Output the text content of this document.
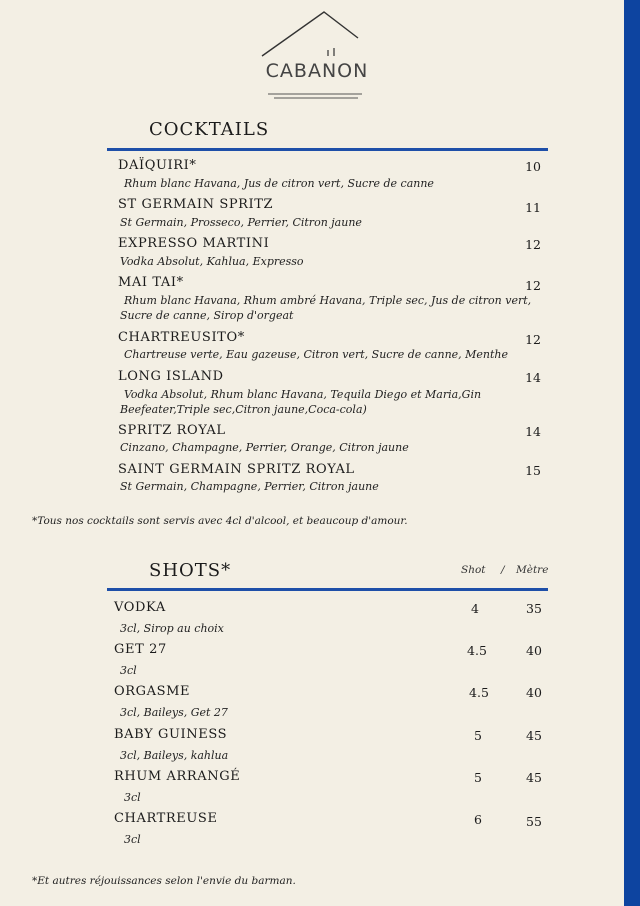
CABANON
COCKTAILS
DAÏQUIRI*
Rhum blanc Havana, Jus de citron vert, Sucre de canne
10
ST GERMAIN SPRITZ
St Germain, Prosseco, Perrier, Citron jaune
11
EXPRESSO MARTINI
Vodka Absolut, Kahlua, Expresso
12
MAI TAI*
Rhum blanc Havana, Rhum ambré Havana, Triple sec, Jus de citron vert,
Sucre de canne, Sirop d'orgeat
12
CHARTREUSITO*
Chartreuse verte, Eau gazeuse, Citron vert, Sucre de canne, Menthe
12
LONG ISLAND
Vodka Absolut, Rhum blanc Havana, Tequila Diego et Maria,Gin
Beefeater,Triple sec,Citron jaune,Coca-cola)
14
SPRITZ ROYAL
Cinzano, Champagne, Perrier, Orange, Citron jaune
14
SAINT GERMAIN SPRITZ ROYAL
St Germain, Champagne, Perrier, Citron jaune
15
*Tous nos cocktails sont servis avec 4cl d'alcool, et beaucoup d'amour.
SHOTS*	Shot / Mètre
VODKA
3cl, Sirop au choix
4	35
GET 27
3cl
4.5	40
ORGASME
3cl, Baileys, Get 27
4.5	40
BABY GUINESS
3cl, Baileys, kahlua
5	45
RHUM ARRANGÉ
3cl
5	45
CHARTREUSE
3cl
6	55
*Et autres réjouissances selon l'envie du barman.
